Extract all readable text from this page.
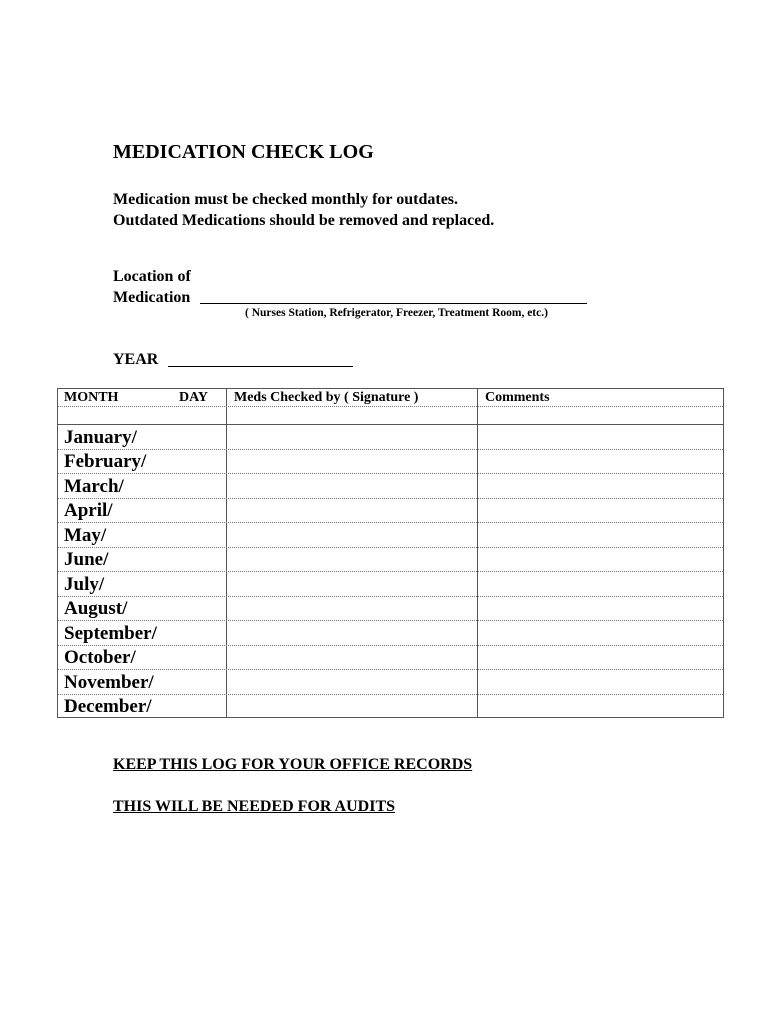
MEDICATION CHECK LOG
Medication must be checked monthly for outdates.
Outdated Medications should be removed and replaced.
Location of
Medication
( Nurses Station, Refrigerator, Freezer, Treatment Room, etc.)
YEAR
MONTH	DAY Meds Checked by ( Signature )	Comments
January/
February/
March/
April/
May/
June/
July/
August/
September/
October/
November/
December/
KEEP THIS LOG FOR YOUR OFFICE RECORDS
THIS WILL BE NEEDED FOR AUDITS
